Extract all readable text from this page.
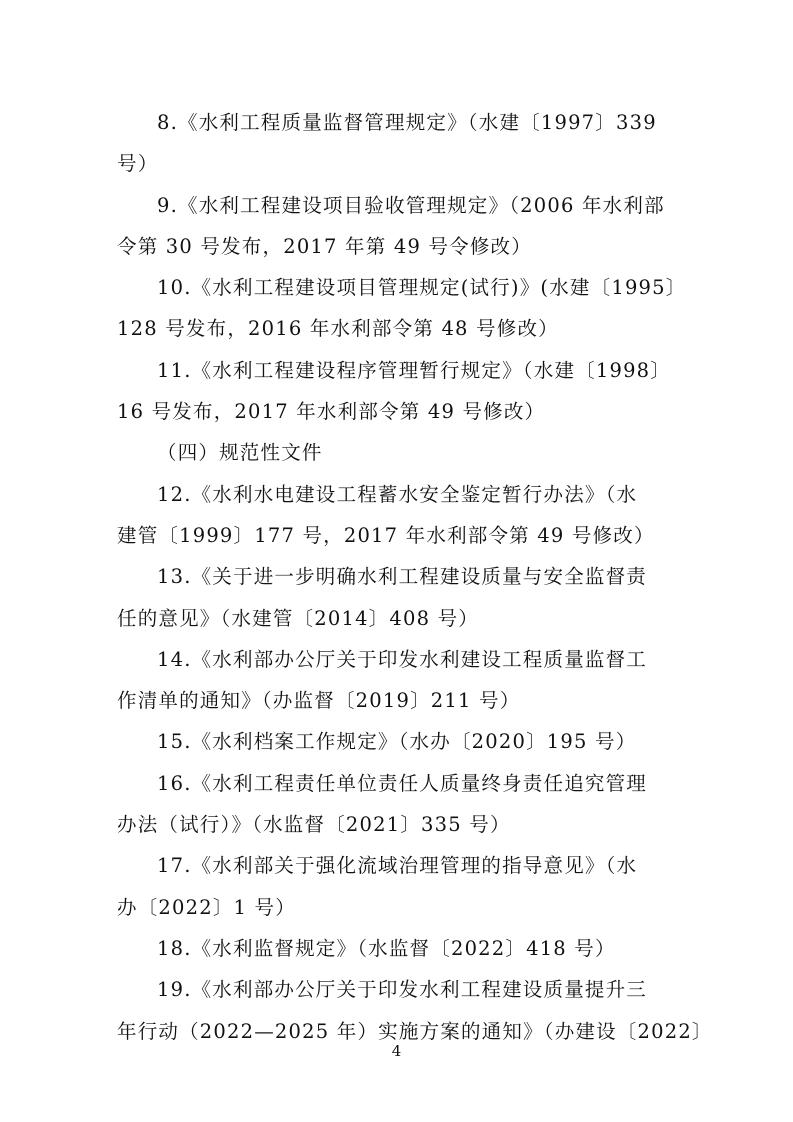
8.《水利工程质量监督管理规定》（水建〔1997〕339
号）
9.《水利工程建设项目验收管理规定》（2006 年水利部
令第 30 号发布，2017 年第 49 号令修改）
10.《水利工程建设项目管理规定(试行)》(水建〔1995〕
128 号发布，2016 年水利部令第 48 号修改）
11.《水利工程建设程序管理暂行规定》（水建〔1998〕
16 号发布，2017 年水利部令第 49 号修改）
（四）规范性文件
12.《水利水电建设工程蓄水安全鉴定暂行办法》（水
建管〔1999〕177 号，2017 年水利部令第 49 号修改）
13.《关于进一步明确水利工程建设质量与安全监督责
任的意见》（水建管〔2014〕408 号）
14.《水利部办公厅关于印发水利建设工程质量监督工
作清单的通知》（办监督〔2019〕211 号）
15.《水利档案工作规定》（水办〔2020〕195 号）
16.《水利工程责任单位责任人质量终身责任追究管理
办法（试行）》（水监督〔2021〕335 号）
17.《水利部关于强化流域治理管理的指导意见》（水
办〔2022〕1 号）
18.《水利监督规定》（水监督〔2022〕418 号）
19.《水利部办公厅关于印发水利工程建设质量提升三
年行动（2022—2025 年）实施方案的通知》（办建设〔2022〕
4
